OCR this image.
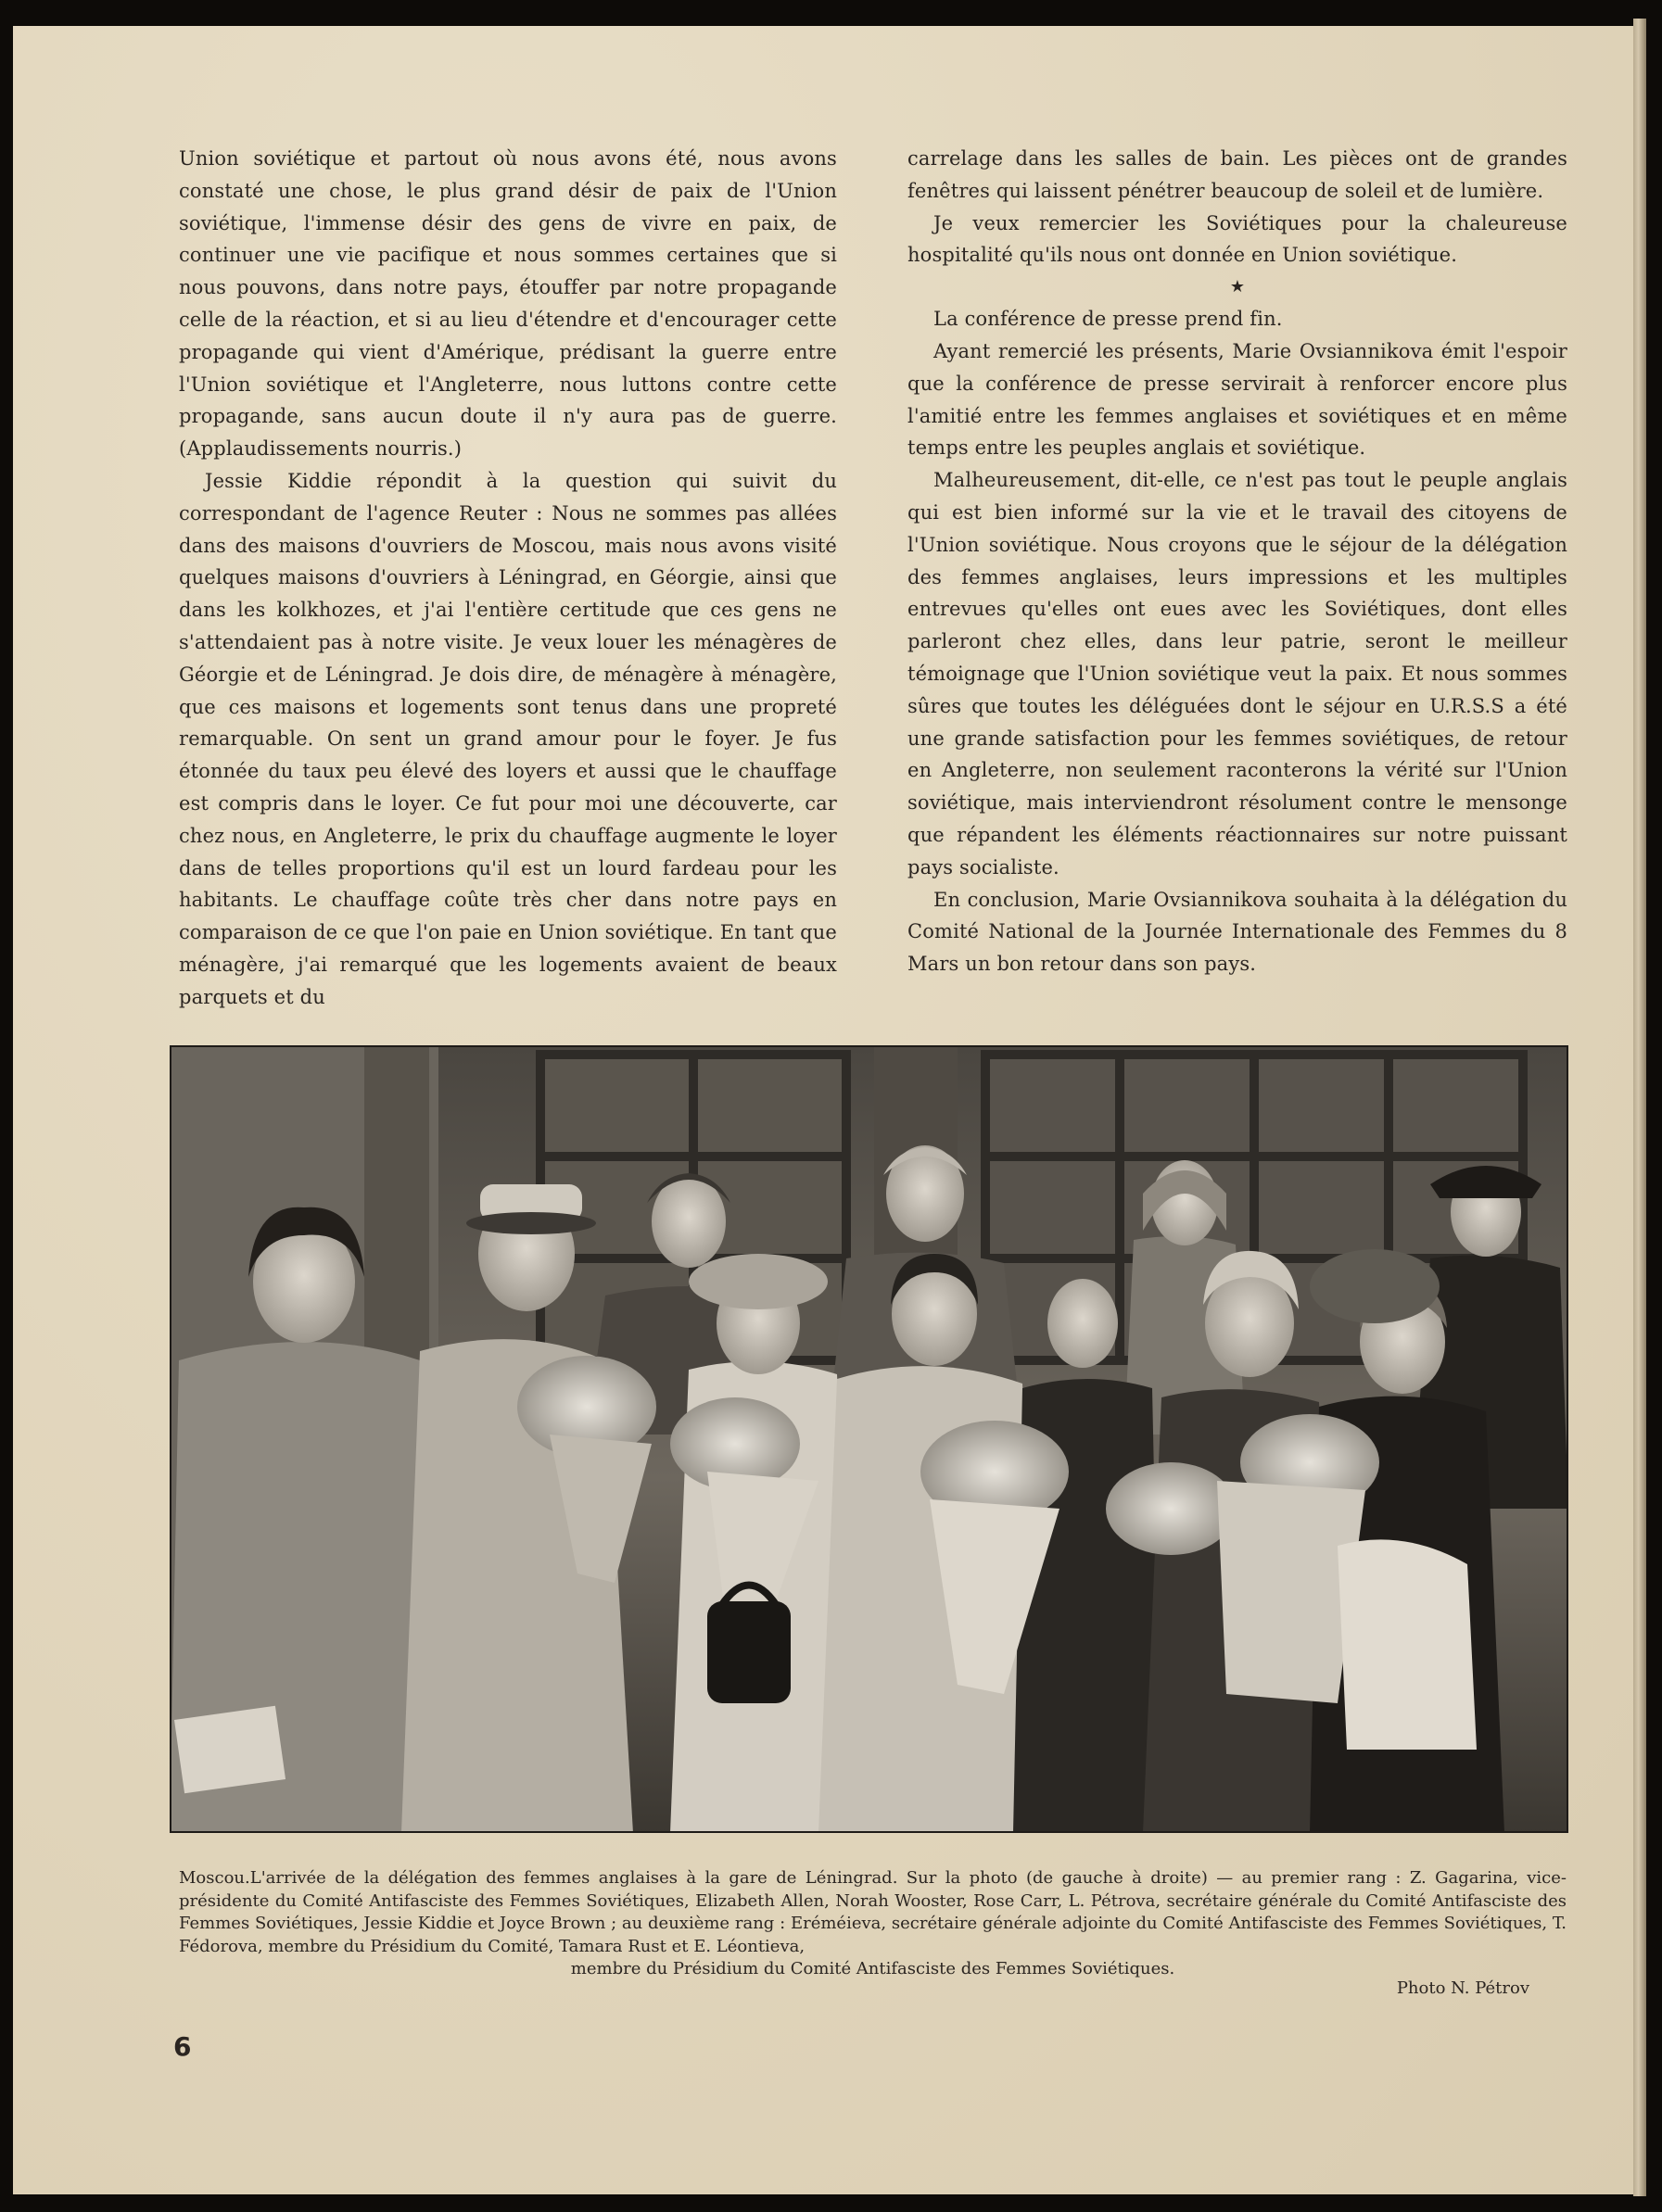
Union soviétique et partout où nous avons été, nous avons constaté une chose, le plus grand désir de paix de l'Union soviétique, l'immense désir des gens de vivre en paix, de continuer une vie pacifique et nous sommes certaines que si nous pouvons, dans notre pays, étouffer par notre propagande celle de la réaction, et si au lieu d'étendre et d'encourager cette propagande qui vient d'Amérique, prédisant la guerre entre l'Union soviétique et l'Angleterre, nous luttons contre cette propagande, sans aucun doute il n'y aura pas de guerre. (Applaudissements nourris.)

Jessie Kiddie répondit à la question qui suivit du correspondant de l'agence Reuter : Nous ne sommes pas allées dans des maisons d'ouvriers de Moscou, mais nous avons visité quelques maisons d'ouvriers à Léningrad, en Géorgie, ainsi que dans les kolkhozes, et j'ai l'entière certitude que ces gens ne s'attendaient pas à notre visite. Je veux louer les ménagères de Géorgie et de Léningrad. Je dois dire, de ménagère à ménagère, que ces maisons et logements sont tenus dans une propreté remarquable. On sent un grand amour pour le foyer. Je fus étonnée du taux peu élevé des loyers et aussi que le chauffage est compris dans le loyer. Ce fut pour moi une découverte, car chez nous, en Angleterre, le prix du chauffage augmente le loyer dans de telles proportions qu'il est un lourd fardeau pour les habitants. Le chauffage coûte très cher dans notre pays en comparaison de ce que l'on paie en Union soviétique. En tant que ménagère, j'ai remarqué que les logements avaient de beaux parquets et du

carrelage dans les salles de bain. Les pièces ont de grandes fenêtres qui laissent pénétrer beaucoup de soleil et de lumière.

Je veux remercier les Soviétiques pour la chaleureuse hospitalité qu'ils nous ont donnée en Union soviétique.

★

La conférence de presse prend fin.

Ayant remercié les présents, Marie Ovsiannikova émit l'espoir que la conférence de presse servirait à renforcer encore plus l'amitié entre les femmes anglaises et soviétiques et en même temps entre les peuples anglais et soviétique.

Malheureusement, dit-elle, ce n'est pas tout le peuple anglais qui est bien informé sur la vie et le travail des citoyens de l'Union soviétique. Nous croyons que le séjour de la délégation des femmes anglaises, leurs impressions et les multiples entrevues qu'elles ont eues avec les Soviétiques, dont elles parleront chez elles, dans leur patrie, seront le meilleur témoignage que l'Union soviétique veut la paix. Et nous sommes sûres que toutes les déléguées dont le séjour en U.R.S.S a été une grande satisfaction pour les femmes soviétiques, de retour en Angleterre, non seulement raconterons la vérité sur l'Union soviétique, mais interviendront résolument contre le mensonge que répandent les éléments réactionnaires sur notre puissant pays socialiste.

En conclusion, Marie Ovsiannikova souhaita à la délégation du Comité National de la Journée Internationale des Femmes du 8 Mars un bon retour dans son pays.

Moscou.L'arrivée de la délégation des femmes anglaises à la gare de Léningrad. Sur la photo (de gauche à droite) — au premier rang : Z. Gagarina, vice-présidente du Comité Antifasciste des Femmes Soviétiques, Elizabeth Allen, Norah Wooster, Rose Carr, L. Pétrova, secrétaire générale du Comité Antifasciste des Femmes Soviétiques, Jessie Kiddie et Joyce Brown ; au deuxième rang : Eréméieva, secrétaire générale adjointe du Comité Antifasciste des Femmes Soviétiques, T. Fédorova, membre du Présidium du Comité, Tamara Rust et E. Léontieva,
membre du Présidium du Comité Antifasciste des Femmes Soviétiques.
Photo N. Pétrov
6
